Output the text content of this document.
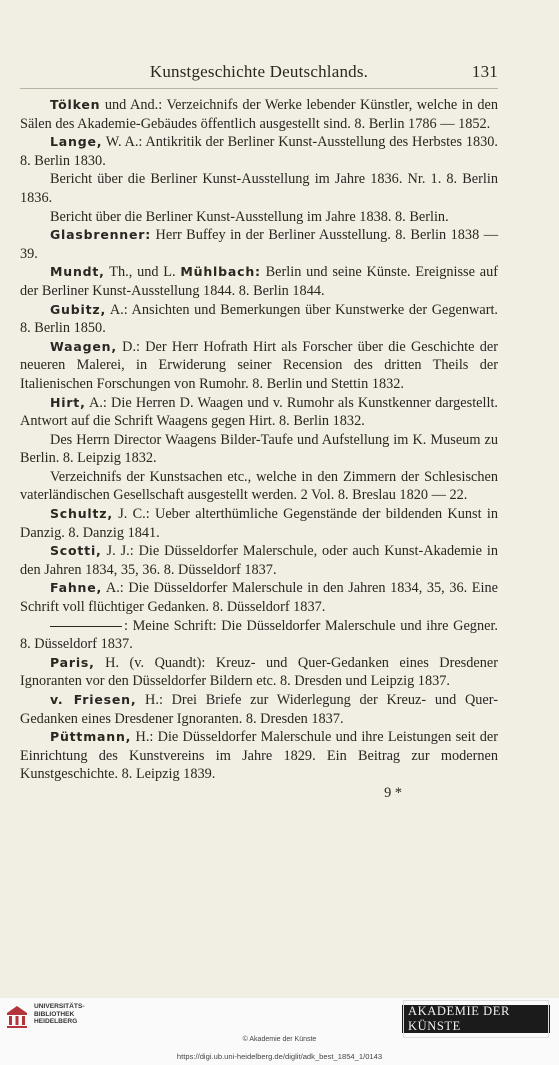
Kunstgeschichte Deutschlands.	131

Tölken und And.: Verzeichnifs der Werke lebender Künstler, welche in den Sälen des Akademie-Gebäudes öffentlich ausgestellt sind. 8. Berlin 1786 — 1852.

Lange, W. A.: Antikritik der Berliner Kunst-Ausstellung des Herbstes 1830. 8. Berlin 1830.

Bericht über die Berliner Kunst-Ausstellung im Jahre 1836. Nr. 1. 8. Berlin 1836.

Bericht über die Berliner Kunst-Ausstellung im Jahre 1838. 8. Berlin.

Glasbrenner: Herr Buffey in der Berliner Ausstellung. 8. Berlin 1838 — 39.

Mundt, Th., und L. Mühlbach: Berlin und seine Künste. Ereignisse auf der Berliner Kunst-Ausstellung 1844. 8. Berlin 1844.

Gubitz, A.: Ansichten und Bemerkungen über Kunstwerke der Gegenwart. 8. Berlin 1850.

Waagen, D.: Der Herr Hofrath Hirt als Forscher über die Geschichte der neueren Malerei, in Erwiderung seiner Recension des dritten Theils der Italienischen Forschungen von Rumohr. 8. Berlin und Stettin 1832.

Hirt, A.: Die Herren D. Waagen und v. Rumohr als Kunstkenner dargestellt. Antwort auf die Schrift Waagens gegen Hirt. 8. Berlin 1832.

Des Herrn Director Waagens Bilder-Taufe und Aufstellung im K. Museum zu Berlin. 8. Leipzig 1832.

Verzeichnifs der Kunstsachen etc., welche in den Zimmern der Schlesischen vaterländischen Gesellschaft ausgestellt werden. 2 Vol. 8. Breslau 1820 — 22.

Schultz, J. C.: Ueber alterthümliche Gegenstände der bildenden Kunst in Danzig. 8. Danzig 1841.

Scotti, J. J.: Die Düsseldorfer Malerschule, oder auch Kunst-Akademie in den Jahren 1834, 35, 36. 8. Düsseldorf 1837.

Fahne, A.: Die Düsseldorfer Malerschule in den Jahren 1834, 35, 36. Eine Schrift voll flüchtiger Gedanken. 8. Düsseldorf 1837.

: Meine Schrift: Die Düsseldorfer Malerschule und ihre Gegner. 8. Düsseldorf 1837.

Paris, H. (v. Quandt): Kreuz- und Quer-Gedanken eines Dresdener Ignoranten vor den Düsseldorfer Bildern etc. 8. Dresden und Leipzig 1837.

v. Friesen, H.: Drei Briefe zur Widerlegung der Kreuz- und Quer-Gedanken eines Dresdener Ignoranten. 8. Dresden 1837.

Püttmann, H.: Die Düsseldorfer Malerschule und ihre Leistungen seit der Einrichtung des Kunstvereins im Jahre 1829. Ein Beitrag zur modernen Kunstgeschichte. 8. Leipzig 1839.

9 *

UNIVERSITÄTS-
BIBLIOTHEK
HEIDELBERG
AKADEMIE DER KÜNSTE
© Akademie der Künste
https://digi.ub.uni-heidelberg.de/diglit/adk_best_1854_1/0143
